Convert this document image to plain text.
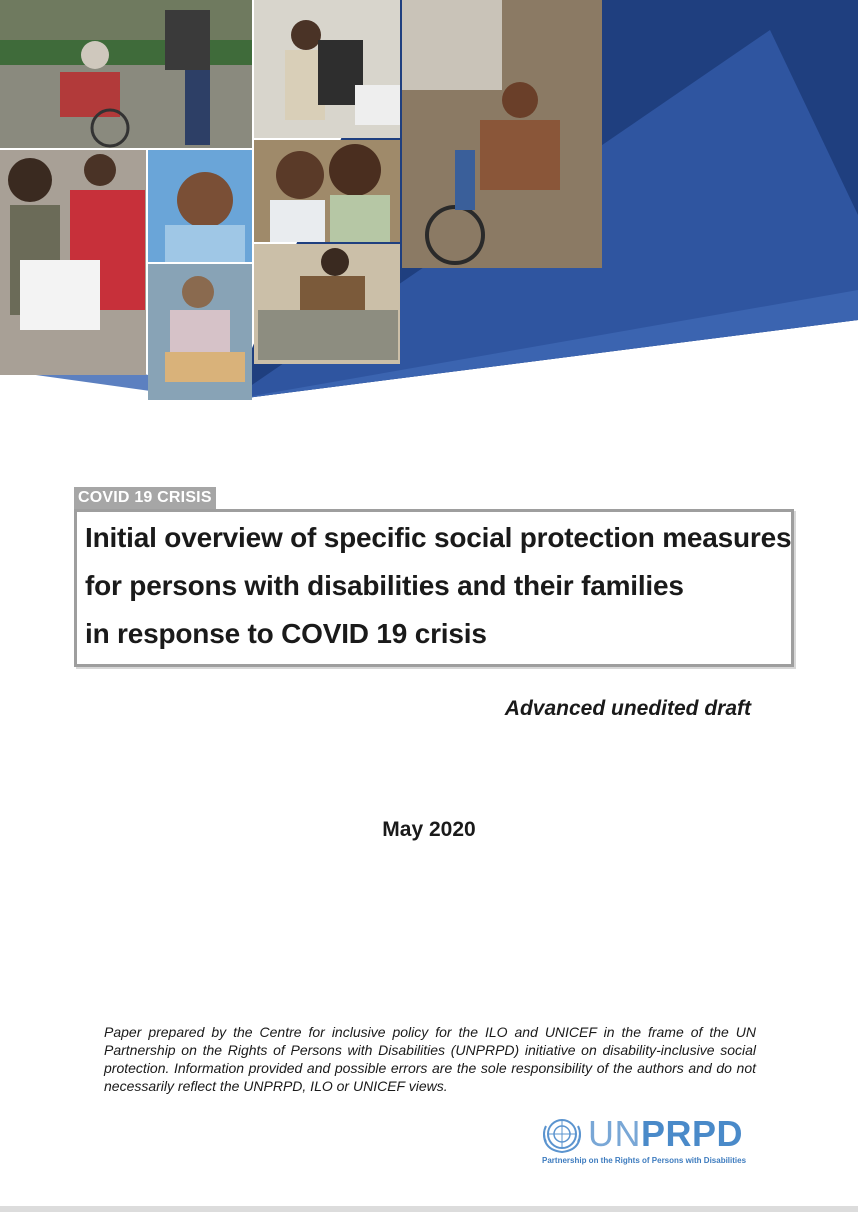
COVID 19 CRISIS
Initial overview of specific social protection measures
for persons with disabilities and their families
in response to COVID 19 crisis
Advanced unedited draft
May 2020
Paper prepared by the Centre for inclusive policy for the ILO and UNICEF in the frame of the UN Partnership on the Rights of Persons with Disabilities (UNPRPD) initiative on disability-inclusive social protection. Information provided and possible errors are the sole responsibility of the authors and do not necessarily reflect the UNPRPD, ILO or UNICEF views.
UNPRPD
Partnership on the Rights of Persons with Disabilities
